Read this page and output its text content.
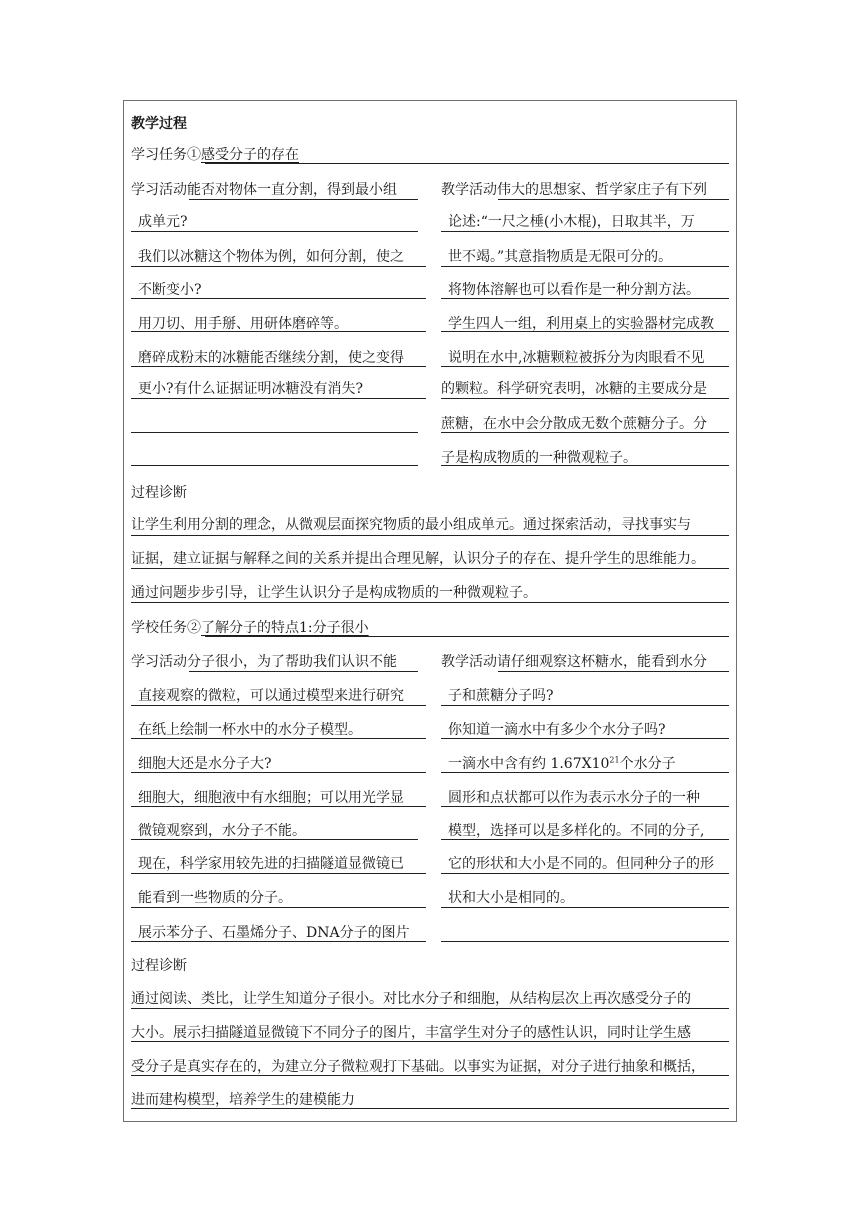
教学过程
学习任务①感受分子的存在
学习活动能否对物体一直分割，得到最小组
成单元?
我们以冰糖这个物体为例，如何分割，使之
不断变小?
用刀切、用手掰、用研体磨碎等。
磨碎成粉末的冰糖能否继续分割，使之变得
更小?有什么证据证明冰糖没有消失?
教学活动伟大的思想家、哲学家庄子有下列
论述:“一尺之棰(小木棍)，日取其半，万
世不竭。”其意指物质是无限可分的。
将物体溶解也可以看作是一种分割方法。
学生四人一组，利用桌上的实验器材完成教
说明在水中,冰糖颗粒被拆分为肉眼看不见
的颗粒。科学研究表明，冰糖的主要成分是
蔗糖，在水中会分散成无数个蔗糖分子。分
子是构成物质的一种微观粒子。
过程诊断
让学生利用分割的理念，从微观层面探究物质的最小组成单元。通过探索活动，寻找事实与
证据，建立证据与解释之间的关系并提出合理见解，认识分子的存在、提升学生的思维能力。
通过问题步步引导，让学生认识分子是构成物质的一种微观粒子。
学校任务②了解分子的特点1:分子很小
学习活动分子很小，为了帮助我们认识不能
直接观察的微粒，可以通过模型来进行研究
在纸上绘制一杯水中的水分子模型。
细胞大还是水分子大?
细胞大，细胞液中有水细胞；可以用光学显
微镜观察到，水分子不能。
现在，科学家用较先进的扫描隧道显微镜已
能看到一些物质的分子。
展示苯分子、石墨烯分子、DNA分子的图片
教学活动请仔细观察这杯糖水，能看到水分
子和蔗糖分子吗?
你知道一滴水中有多少个水分子吗?
一滴水中含有约 $1.67X10^{21}$个水分子
圆形和点状都可以作为表示水分子的一种
模型，选择可以是多样化的。不同的分子,
它的形状和大小是不同的。但同种分子的形
状和大小是相同的。
过程诊断
通过阅读、类比，让学生知道分子很小。对比水分子和细胞，从结构层次上再次感受分子的
大小。展示扫描隧道显微镜下不同分子的图片，丰富学生对分子的感性认识，同时让学生感
受分子是真实存在的，为建立分子微粒观打下基础。以事实为证据，对分子进行抽象和概括，
进而建构模型，培养学生的建模能力
